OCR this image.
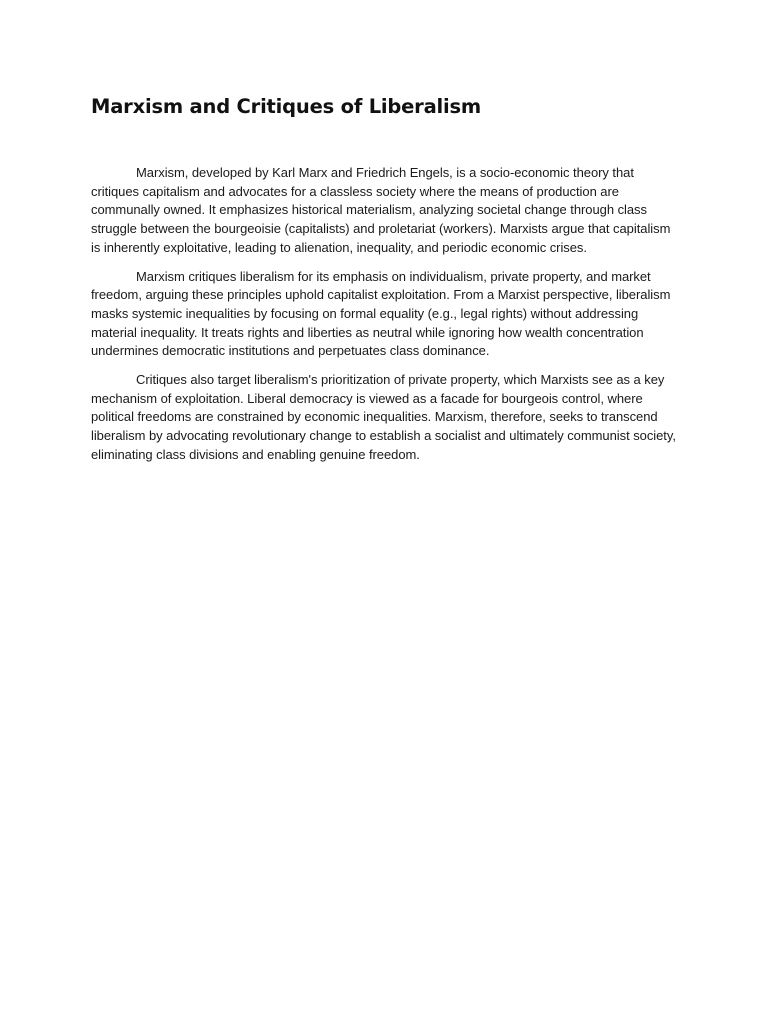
Marxism and Critiques of Liberalism

Marxism, developed by Karl Marx and Friedrich Engels, is a socio-economic theory that critiques capitalism and advocates for a classless society where the means of production are communally owned. It emphasizes historical materialism, analyzing societal change through class struggle between the bourgeoisie (capitalists) and proletariat (workers). Marxists argue that capitalism is inherently exploitative, leading to alienation, inequality, and periodic economic crises.

Marxism critiques liberalism for its emphasis on individualism, private property, and market freedom, arguing these principles uphold capitalist exploitation. From a Marxist perspective, liberalism masks systemic inequalities by focusing on formal equality (e.g., legal rights) without addressing material inequality. It treats rights and liberties as neutral while ignoring how wealth concentration undermines democratic institutions and perpetuates class dominance.

Critiques also target liberalism's prioritization of private property, which Marxists see as a key mechanism of exploitation. Liberal democracy is viewed as a facade for bourgeois control, where political freedoms are constrained by economic inequalities. Marxism, therefore, seeks to transcend liberalism by advocating revolutionary change to establish a socialist and ultimately communist society, eliminating class divisions and enabling genuine freedom.
